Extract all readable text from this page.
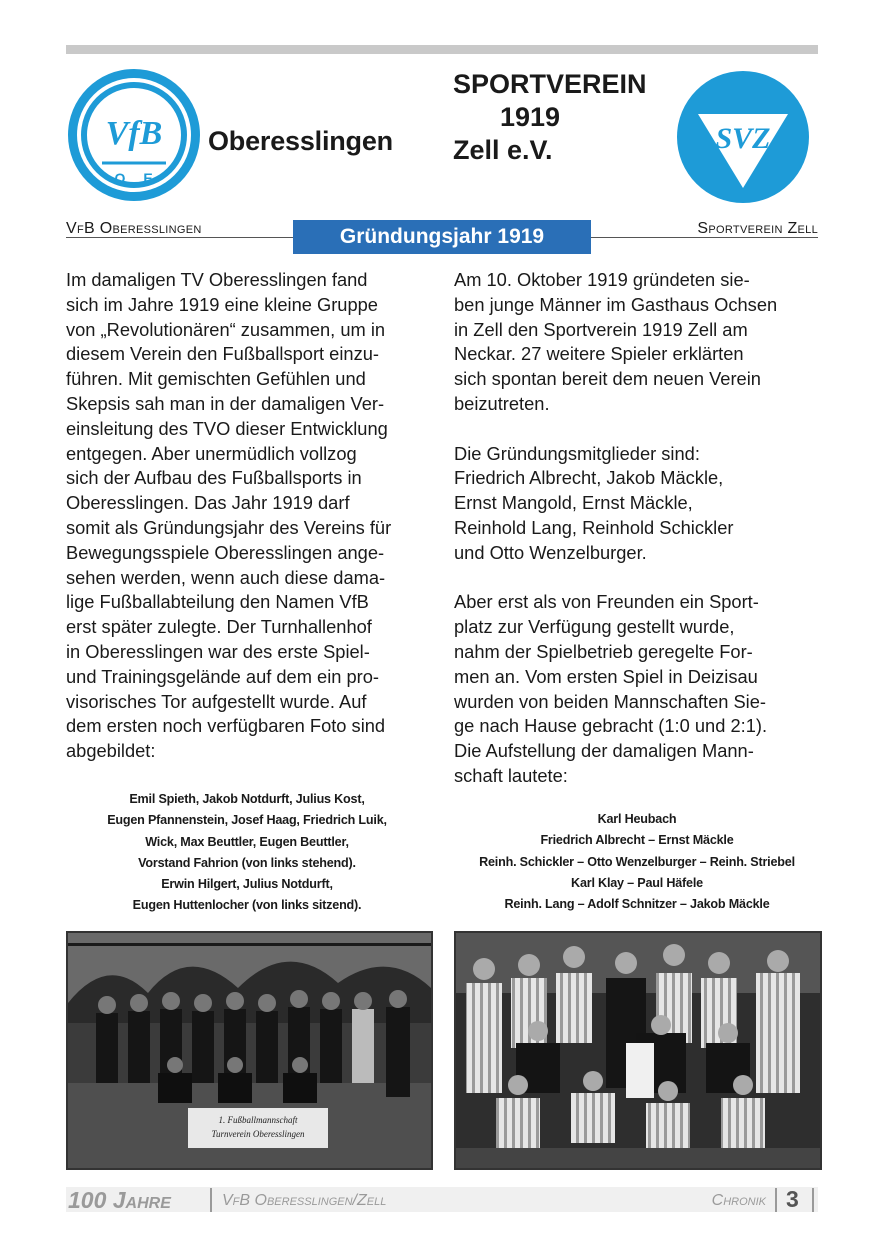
VfB
O E
Oberesslingen
SPORTVEREIN
1919
Zell e.V.	SVZ
VfB Oberesslingen	Gründungsjahr 1919	Sportverein Zell

Im damaligen TV Oberesslingen fand
sich im Jahre 1919 eine kleine Gruppe
von „Revolutionären“ zusammen, um in
diesem Verein den Fußballsport einzu-
führen. Mit gemischten Gefühlen und
Skepsis sah man in der damaligen Ver-
einsleitung des TVO dieser Entwicklung
entgegen. Aber unermüdlich vollzog
sich der Aufbau des Fußballsports in
Oberesslingen. Das Jahr 1919 darf
somit als Gründungsjahr des Vereins für
Bewegungsspiele Oberesslingen ange-
sehen werden, wenn auch diese dama-
lige Fußballabteilung den Namen VfB
erst später zulegte. Der Turnhallenhof
in Oberesslingen war des erste Spiel-
und Trainingsgelände auf dem ein pro-
visorisches Tor aufgestellt wurde. Auf
dem ersten noch verfügbaren Foto sind
abgebildet:

Am 10. Oktober 1919 gründeten sie-
ben junge Männer im Gasthaus Ochsen
in Zell den Sportverein 1919 Zell am
Neckar. 27 weitere Spieler erklärten
sich spontan bereit dem neuen Verein
beizutreten.

Die Gründungsmitglieder sind:
Friedrich Albrecht, Jakob Mäckle,
Ernst Mangold, Ernst Mäckle,
Reinhold Lang, Reinhold Schickler
und Otto Wenzelburger.

Aber erst als von Freunden ein Sport-
platz zur Verfügung gestellt wurde,
nahm der Spielbetrieb geregelte For-
men an. Vom ersten Spiel in Deizisau
wurden von beiden Mannschaften Sie-
ge nach Hause gebracht (1:0 und 2:1).
Die Aufstellung der damaligen Mann-
schaft lautete:

Emil Spieth, Jakob Notdurft, Julius Kost,
Eugen Pfannenstein, Josef Haag, Friedrich Luik,
Wick, Max Beuttler, Eugen Beuttler,
Vorstand Fahrion (von links stehend).
Erwin Hilgert, Julius Notdurft,
Eugen Huttenlocher (von links sitzend).
Karl Heubach
Friedrich Albrecht – Ernst Mäckle
Reinh. Schickler – Otto Wenzelburger – Reinh. Striebel
Karl Klay – Paul Häfele
Reinh. Lang – Adolf Schnitzer – Jakob Mäckle
1. Fußballmannschaft
Turnverein Oberesslingen
100 Jahre	VfB Oberesslingen/Zell	Chronik 3
